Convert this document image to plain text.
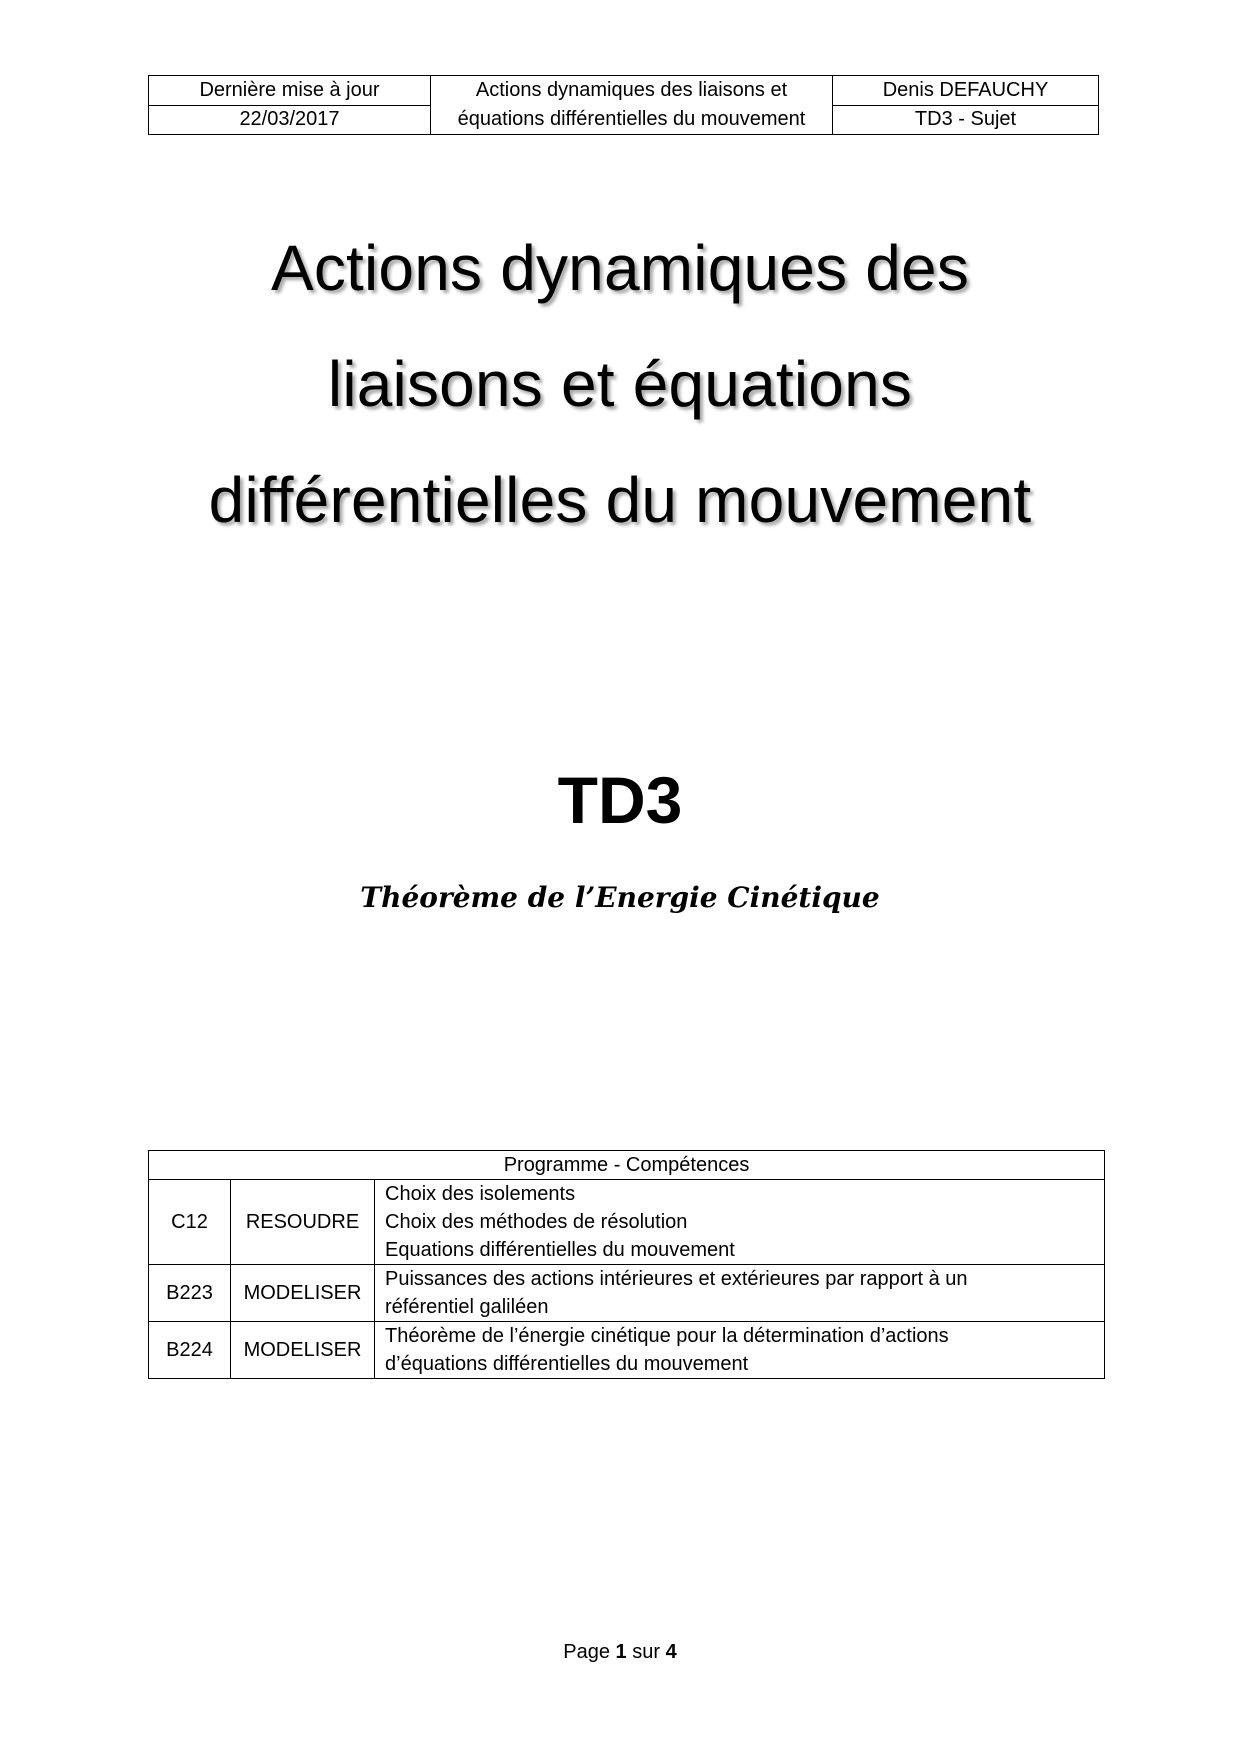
Dernière mise à jour	Actions dynamiques des liaisons et équations différentielles du mouvement	Denis DEFAUCHY
22/03/2017		TD3 - Sujet
Actions dynamiques des
liaisons et équations
différentielles du mouvement
TD3
Théorème de l’Energie Cinétique
Programme - Compétences		
C12	RESOUDRE	Choix des isolements
Choix des méthodes de résolution
Equations différentielles du mouvement

B223	MODELISER	Puissances des actions intérieures et extérieures par rapport à un
référentiel galiléen

B224	MODELISER	Théorème de l’énergie cinétique pour la détermination d’actions
d’équations différentielles du mouvement
Page 1 sur 4
